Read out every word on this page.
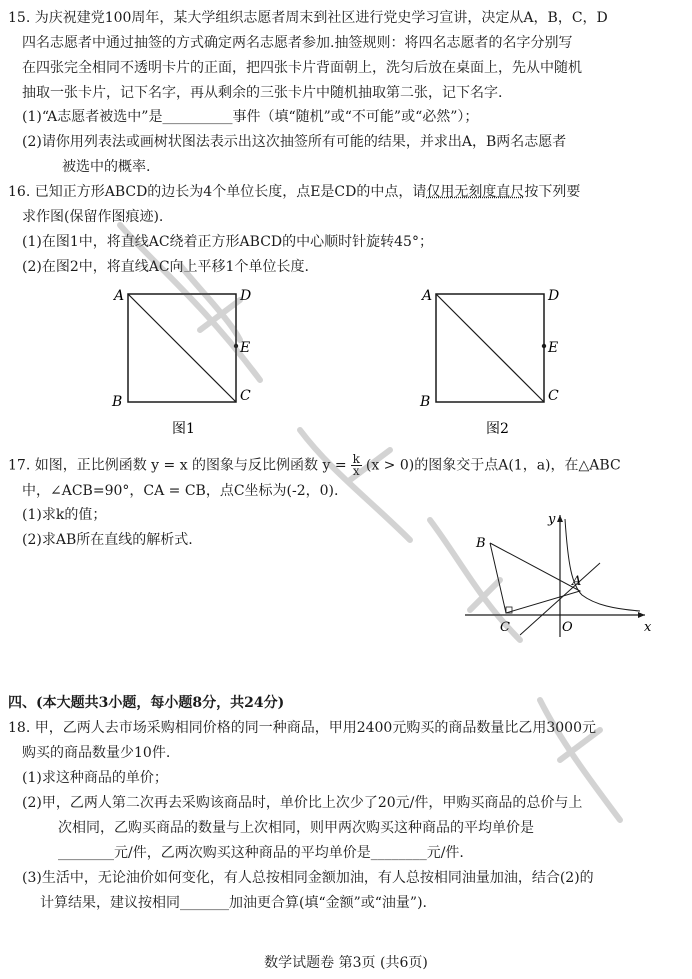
15. 为庆祝建党100周年，某大学组织志愿者周末到社区进行党史学习宣讲，决定从A，B，C，D
四名志愿者中通过抽签的方式确定两名志愿者参加.抽签规则：将四名志愿者的名字分别写
在四张完全相同不透明卡片的正面，把四张卡片背面朝上，洗匀后放在桌面上，先从中随机
抽取一张卡片，记下名字，再从剩余的三张卡片中随机抽取第二张，记下名字.
(1)“A志愿者被选中”是__________事件（填“随机”或“不可能”或“必然”）；
(2)请你用列表法或画树状图法表示出这次抽签所有可能的结果，并求出A，B两名志愿者
被选中的概率.
16. 已知正方形ABCD的边长为4个单位长度，点E是CD的中点，请仅用无刻度直尺按下列要
求作图(保留作图痕迹).
(1)在图1中，将直线AC绕着正方形ABCD的中心顺时针旋转45°；
(2)在图2中，将直线AC向上平移1个单位长度.
A	D
E
B	C
图1
A	D
E
B	C
图2
17. 如图，正比例函数 y = x 的图象与反比例函数 $y = \frac{k}{x} (x > 0)$的图象交于点A(1，a)，在△ABC
中，∠ACB=90°，CA = CB，点C坐标为(-2，0).
(1)求k的值；
(2)求AB所在直线的解析式.
y
x
B
A
C	O
四、(本大题共3小题，每小题8分，共24分)
18. 甲，乙两人去市场采购相同价格的同一种商品，甲用2400元购买的商品数量比乙用3000元
购买的商品数量少10件.
(1)求这种商品的单价；
(2)甲，乙两人第二次再去采购该商品时，单价比上次少了20元/件，甲购买商品的总价与上
次相同，乙购买商品的数量与上次相同，则甲两次购买这种商品的平均单价是
________元/件，乙两次购买这种商品的平均单价是________元/件.
(3)生活中，无论油价如何变化，有人总按相同金额加油，有人总按相同油量加油，结合(2)的
计算结果，建议按相同_______加油更合算(填“金额”或“油量”).
数学试题卷 第3页 (共6页)
